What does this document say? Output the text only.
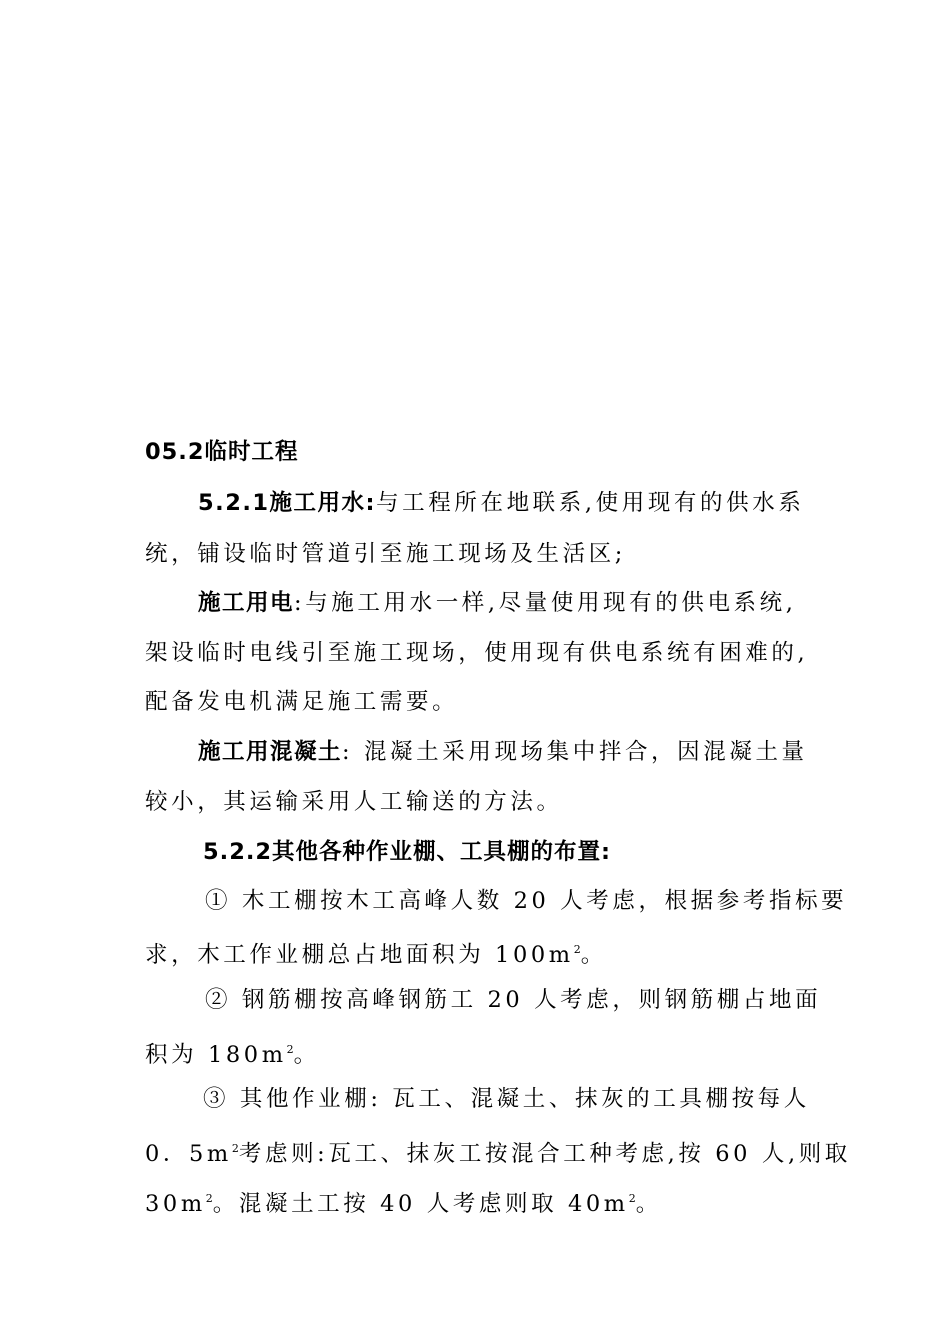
05.2临时工程
5.2.1施工用水:与工程所在地联系,使用现有的供水系
统，铺设临时管道引至施工现场及生活区;
施工用电:与施工用水一样,尽量使用现有的供电系统,
架设临时电线引至施工现场，使用现有供电系统有困难的,
配备发电机满足施工需要。
施工用混凝土: 混凝土采用现场集中拌合，因混凝土量
较小，其运输采用人工输送的方法。
5.2.2其他各种作业棚、工具棚的布置:
① 木工棚按木工高峰人数 20 人考虑，根据参考指标要
求，木工作业棚总占地面积为 $100m^2$。
② 钢筋棚按高峰钢筋工 20 人考虑，则钢筋棚占地面
积为 $180m^2$。
③ 其他作业棚: 瓦工、混凝土、抹灰的工具棚按每人
0．$5m^2$考虑则:瓦工、抹灰工按混合工种考虑,按 60 人,则取
$30m^2$。混凝土工按 40 人考虑则取 $40m^2$。
